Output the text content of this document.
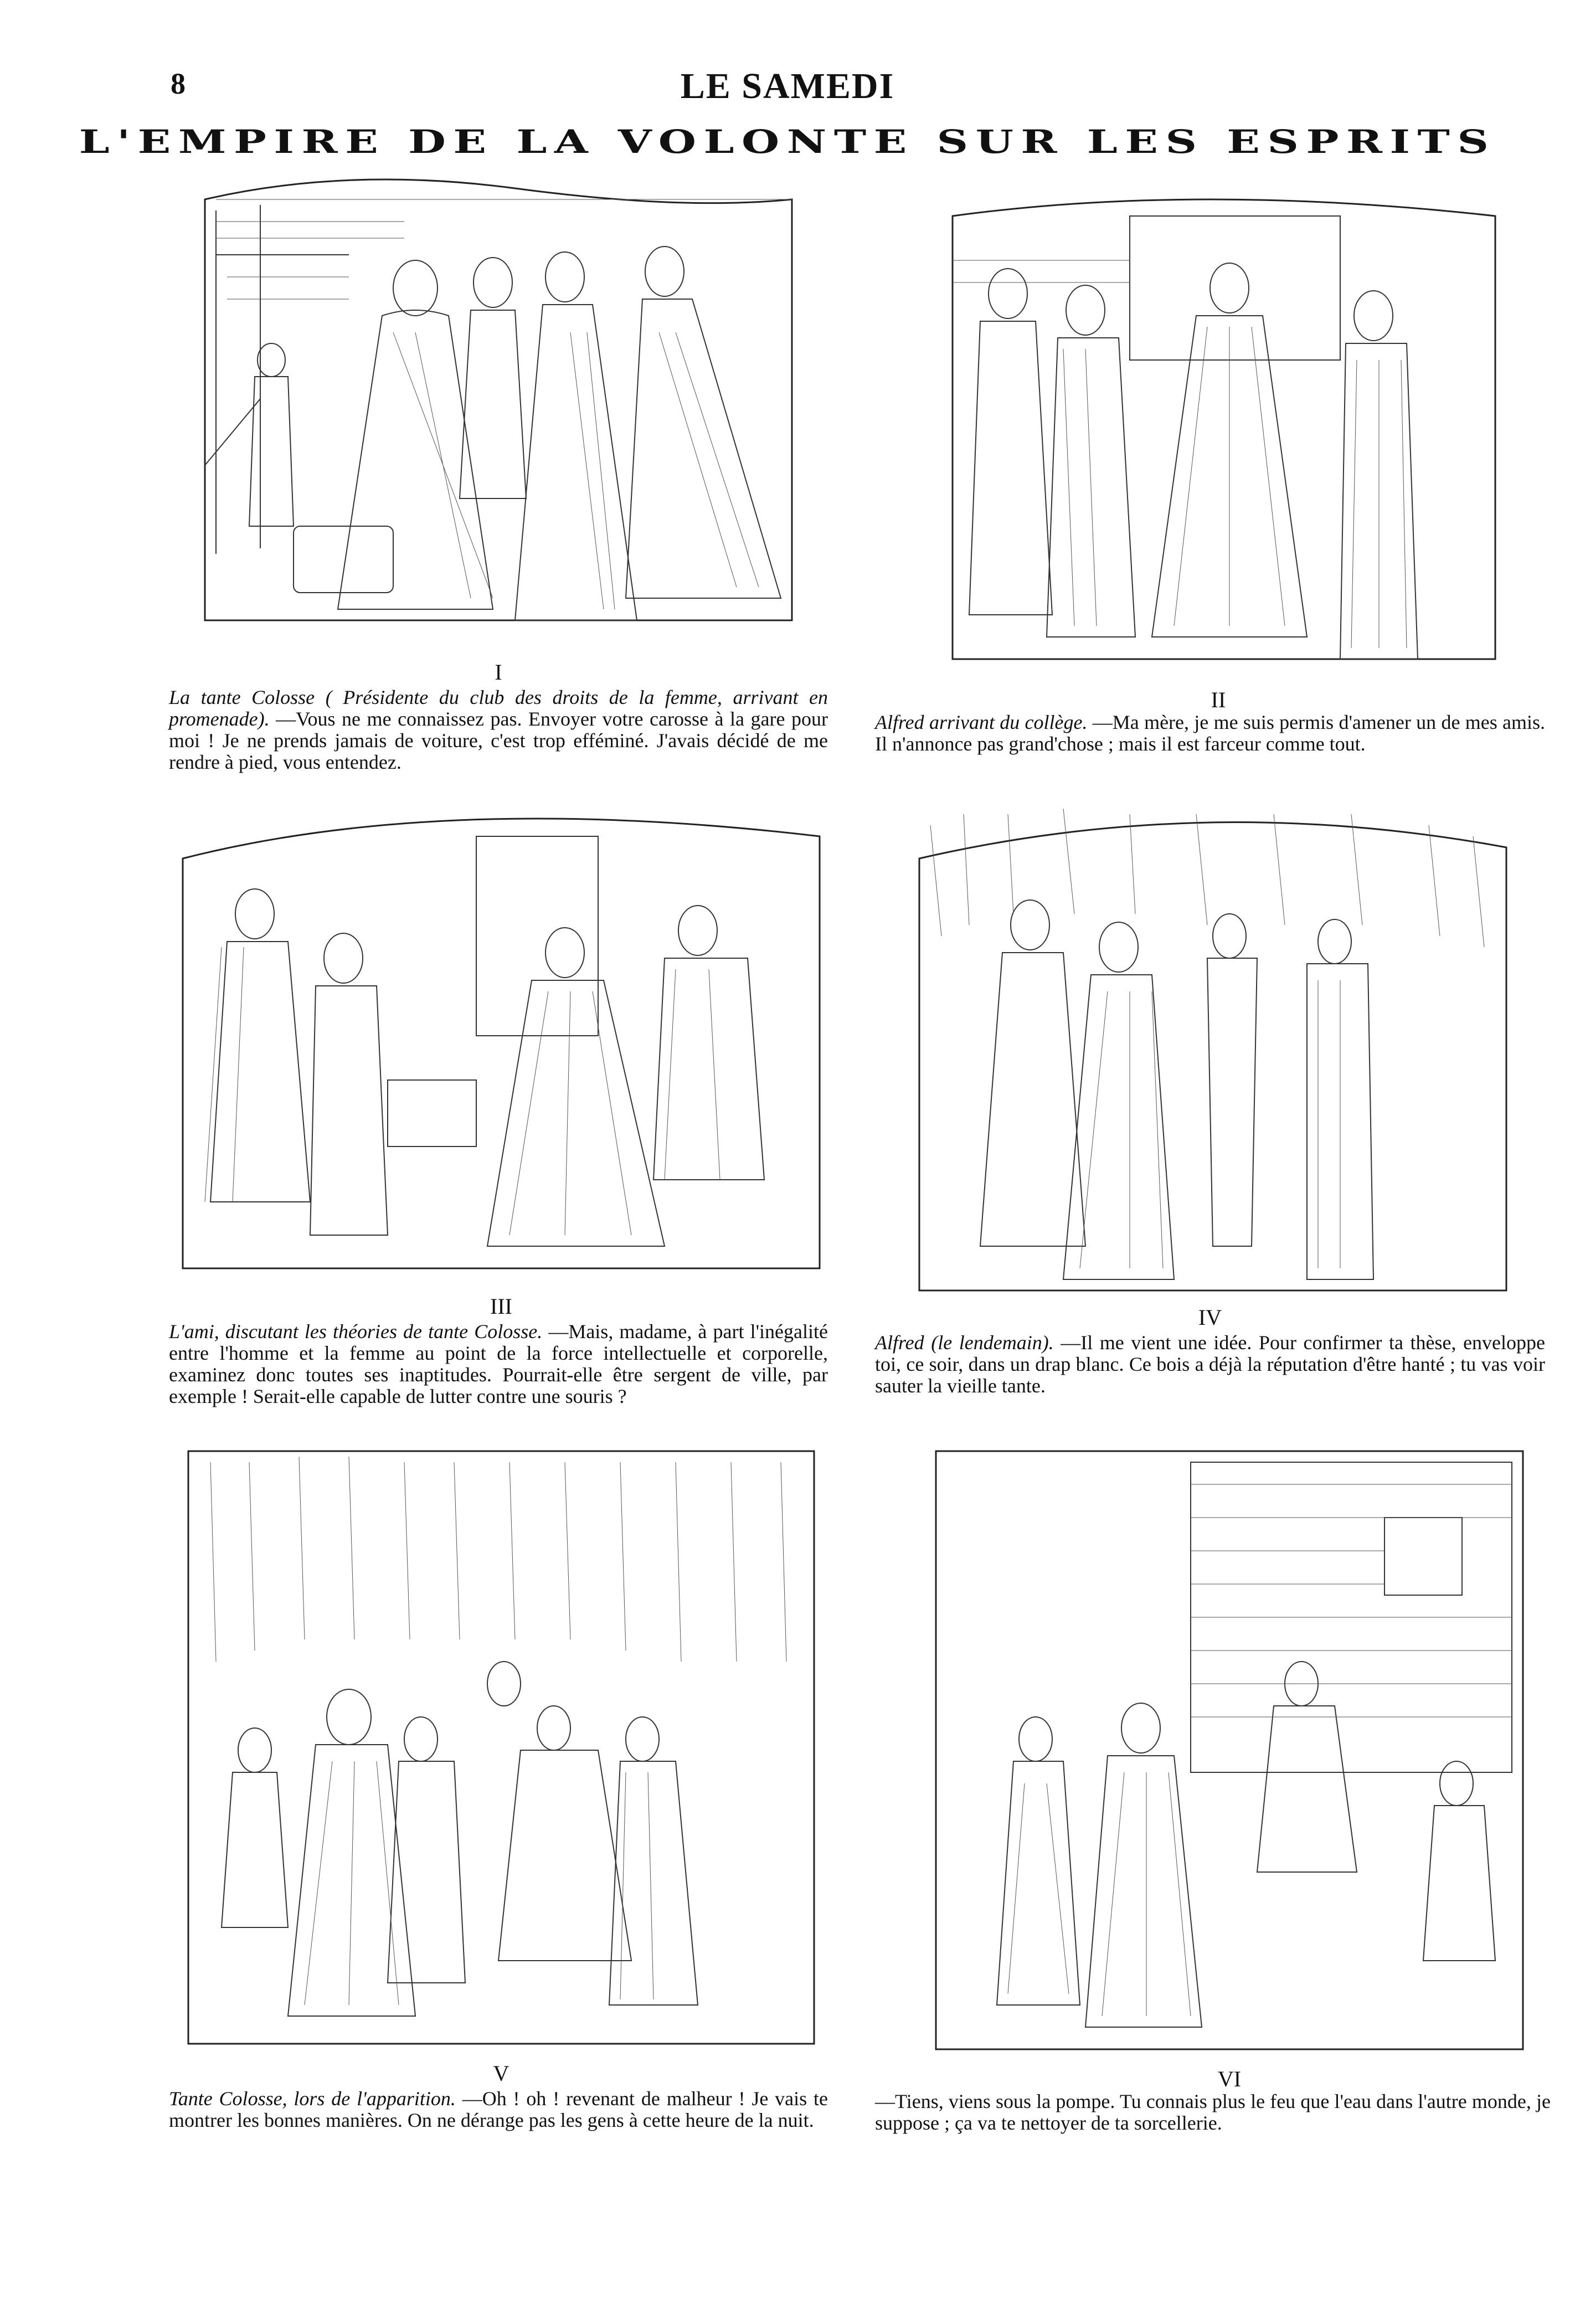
8	LE SAMEDI
L'EMPIRE DE LA VOLONTE SUR LES ESPRITS
I
La tante Colosse ( Présidente du club des droits de la femme, arrivant en promenade). —Vous ne me connaissez pas. Envoyer votre carosse à la gare pour moi ! Je ne prends jamais de voiture, c'est trop efféminé. J'avais décidé de me rendre à pied, vous entendez.
II
Alfred arrivant du collège. —Ma mère, je me suis permis d'amener un de mes amis. Il n'annonce pas grand'chose ; mais il est farceur comme tout.
III
L'ami, discutant les théories de tante Colosse. —Mais, madame, à part l'inégalité entre l'homme et la femme au point de la force intellectuelle et corporelle, examinez donc toutes ses inaptitudes. Pourrait-elle être sergent de ville, par exemple ! Serait-elle capable de lutter contre une souris ?
IV
Alfred (le lendemain). —Il me vient une idée. Pour confirmer ta thèse, enveloppe toi, ce soir, dans un drap blanc. Ce bois a déjà la réputation d'être hanté ; tu vas voir sauter la vieille tante.
V
Tante Colosse, lors de l'apparition. —Oh ! oh ! revenant de malheur ! Je vais te montrer les bonnes manières. On ne dérange pas les gens à cette heure de la nuit.
VI
—Tiens, viens sous la pompe. Tu connais plus le feu que l'eau dans l'autre monde, je suppose ; ça va te nettoyer de ta sorcellerie.
